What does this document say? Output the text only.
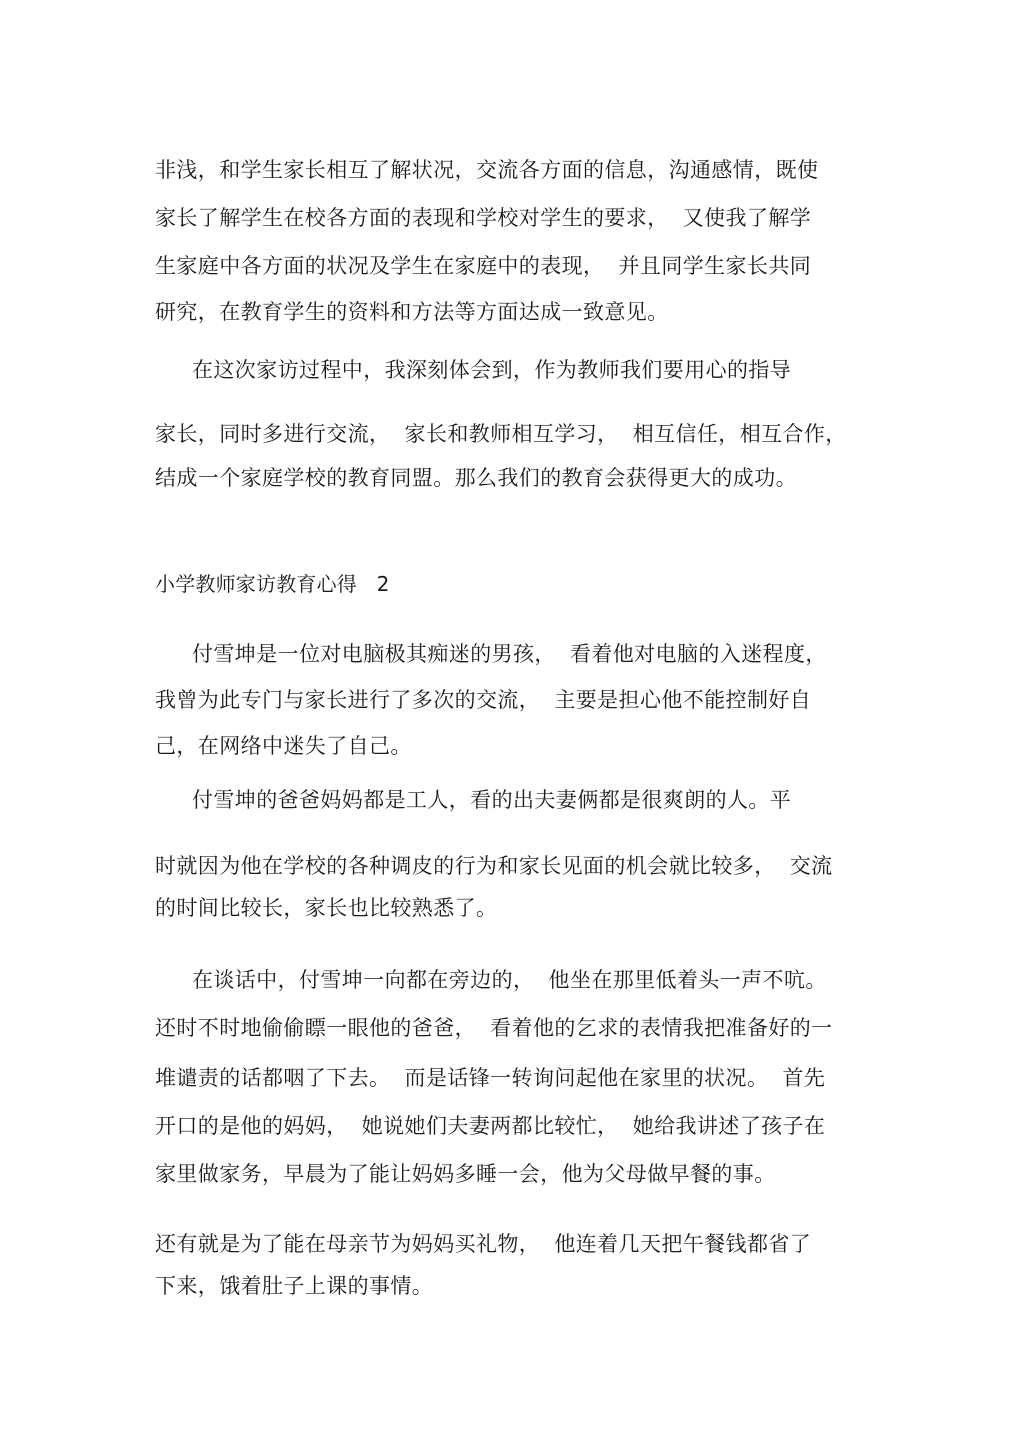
非浅，和学生家长相互了解状况，交流各方面的信息，沟通感情，既使
家长了解学生在校各方面的表现和学校对学生的要求，  又使我了解学
生家庭中各方面的状况及学生在家庭中的表现，  并且同学生家长共同
研究，在教育学生的资料和方法等方面达成一致意见。
在这次家访过程中，我深刻体会到，作为教师我们要用心的指导
家长，同时多进行交流，  家长和教师相互学习，  相互信任，相互合作，
结成一个家庭学校的教育同盟。那么我们的教育会获得更大的成功。
小学教师家访教育心得   2
付雪坤是一位对电脑极其痴迷的男孩，  看着他对电脑的入迷程度，
我曾为此专门与家长进行了多次的交流，  主要是担心他不能控制好自
己，在网络中迷失了自己。
付雪坤的爸爸妈妈都是工人，看的出夫妻俩都是很爽朗的人。平
时就因为他在学校的各种调皮的行为和家长见面的机会就比较多，  交流
的时间比较长，家长也比较熟悉了。
在谈话中，付雪坤一向都在旁边的，  他坐在那里低着头一声不吭。
还时不时地偷偷瞟一眼他的爸爸，  看着他的乞求的表情我把准备好的一
堆谴责的话都咽了下去。  而是话锋一转询问起他在家里的状况。  首先
开口的是他的妈妈，  她说她们夫妻两都比较忙，  她给我讲述了孩子在
家里做家务，早晨为了能让妈妈多睡一会，他为父母做早餐的事。
还有就是为了能在母亲节为妈妈买礼物，  他连着几天把午餐钱都省了
下来，饿着肚子上课的事情。
